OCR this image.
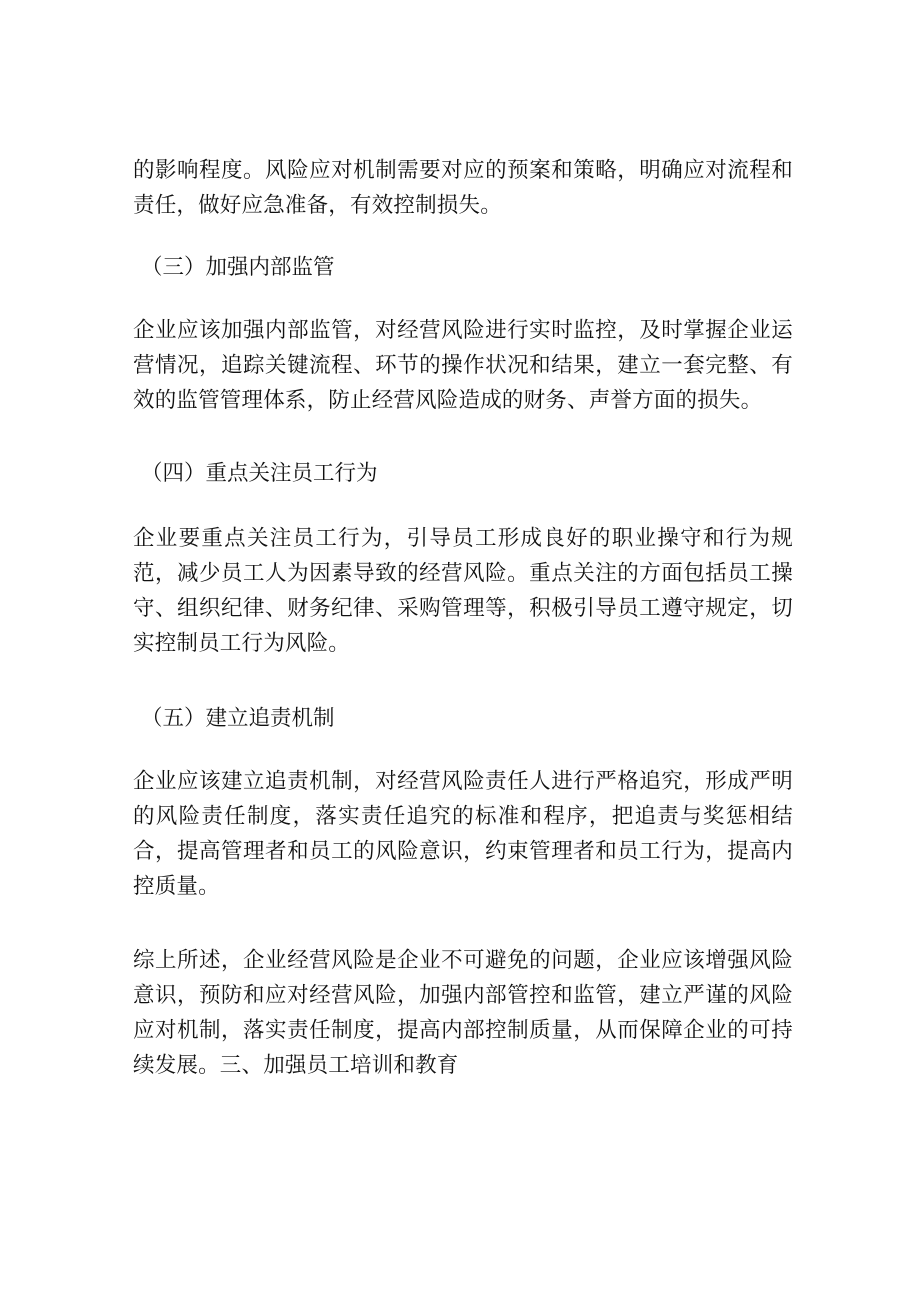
的影响程度。风险应对机制需要对应的预案和策略，明确应对流程和责任，做好应急准备，有效控制损失。

（三）加强内部监管

企业应该加强内部监管，对经营风险进行实时监控，及时掌握企业运营情况，追踪关键流程、环节的操作状况和结果，建立一套完整、有效的监管管理体系，防止经营风险造成的财务、声誉方面的损失。

（四）重点关注员工行为

企业要重点关注员工行为，引导员工形成良好的职业操守和行为规范，减少员工人为因素导致的经营风险。重点关注的方面包括员工操守、组织纪律、财务纪律、采购管理等，积极引导员工遵守规定，切实控制员工行为风险。

（五）建立追责机制

企业应该建立追责机制，对经营风险责任人进行严格追究，形成严明的风险责任制度，落实责任追究的标准和程序，把追责与奖惩相结合，提高管理者和员工的风险意识，约束管理者和员工行为，提高内控质量。

综上所述，企业经营风险是企业不可避免的问题，企业应该增强风险意识，预防和应对经营风险，加强内部管控和监管，建立严谨的风险应对机制，落实责任制度，提高内部控制质量，从而保障企业的可持续发展。三、加强员工培训和教育
